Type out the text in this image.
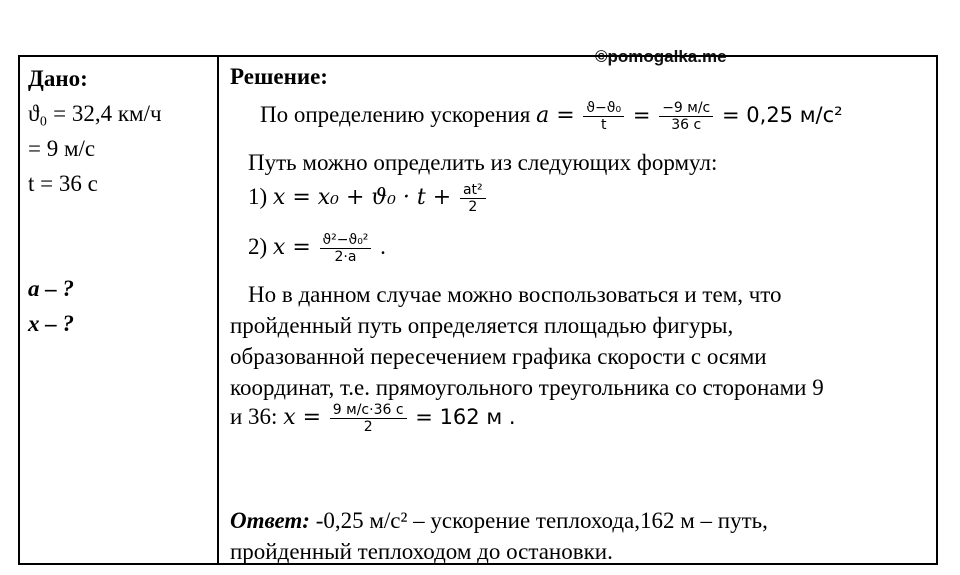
©pomogalka.me
Дано:
ϑ₀ = 32,4 км/ч
= 9 м/с
t = 36 с
a – ?
x – ?
Решение:
По определению ускорения $a = \frac{\text{ϑ−ϑ₀}}{t} = \frac{-9 м/с}{36 с} = 0,25$ м/с²
Путь можно определить из следующих формул:
1) $x = x_0 + ϑ_0 \cdot t + \frac{\text{at²}}{2}$
2) $x = \frac{\text{ϑ²−ϑ₀²}}{2\cdot a}$ .
Но в данном случае можно воспользоваться и тем, что
пройденный путь определяется площадью фигуры,
образованной пересечением графика скорости с осями
координат, т.е. прямоугольного треугольника со сторонами 9
и 36: $x = \frac{9 м/с\cdot 36 с}{2} = 162$ м .
Ответ: -0,25 м/с² – ускорение теплохода,162 м – путь,
пройденный теплоходом до остановки.
